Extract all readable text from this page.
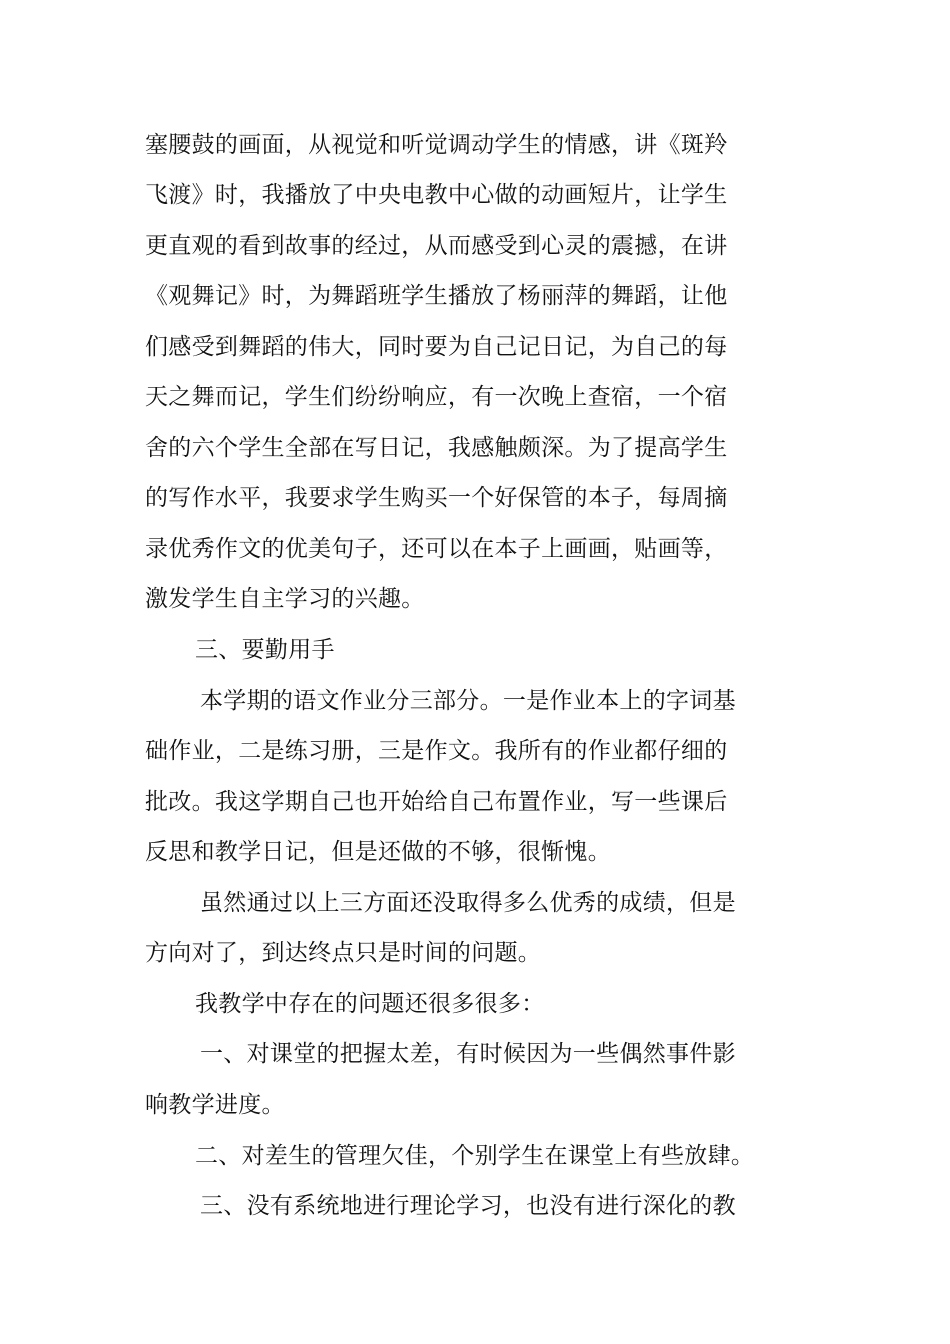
塞腰鼓的画面，从视觉和听觉调动学生的情感，讲《斑羚
飞渡》时，我播放了中央电教中心做的动画短片，让学生
更直观的看到故事的经过，从而感受到心灵的震撼，在讲
《观舞记》时，为舞蹈班学生播放了杨丽萍的舞蹈，让他
们感受到舞蹈的伟大，同时要为自己记日记，为自己的每
天之舞而记，学生们纷纷响应，有一次晚上查宿，一个宿
舍的六个学生全部在写日记，我感触颇深。为了提高学生
的写作水平，我要求学生购买一个好保管的本子，每周摘
录优秀作文的优美句子，还可以在本子上画画，贴画等，
激发学生自主学习的兴趣。
三、要勤用手
本学期的语文作业分三部分。一是作业本上的字词基
础作业，二是练习册，三是作文。我所有的作业都仔细的
批改。我这学期自己也开始给自己布置作业，写一些课后
反思和教学日记，但是还做的不够，很惭愧。
虽然通过以上三方面还没取得多么优秀的成绩，但是
方向对了，到达终点只是时间的问题。
我教学中存在的问题还很多很多：
一、对课堂的把握太差，有时候因为一些偶然事件影
响教学进度。
二、对差生的管理欠佳，个别学生在课堂上有些放肆。
三、没有系统地进行理论学习，也没有进行深化的教
